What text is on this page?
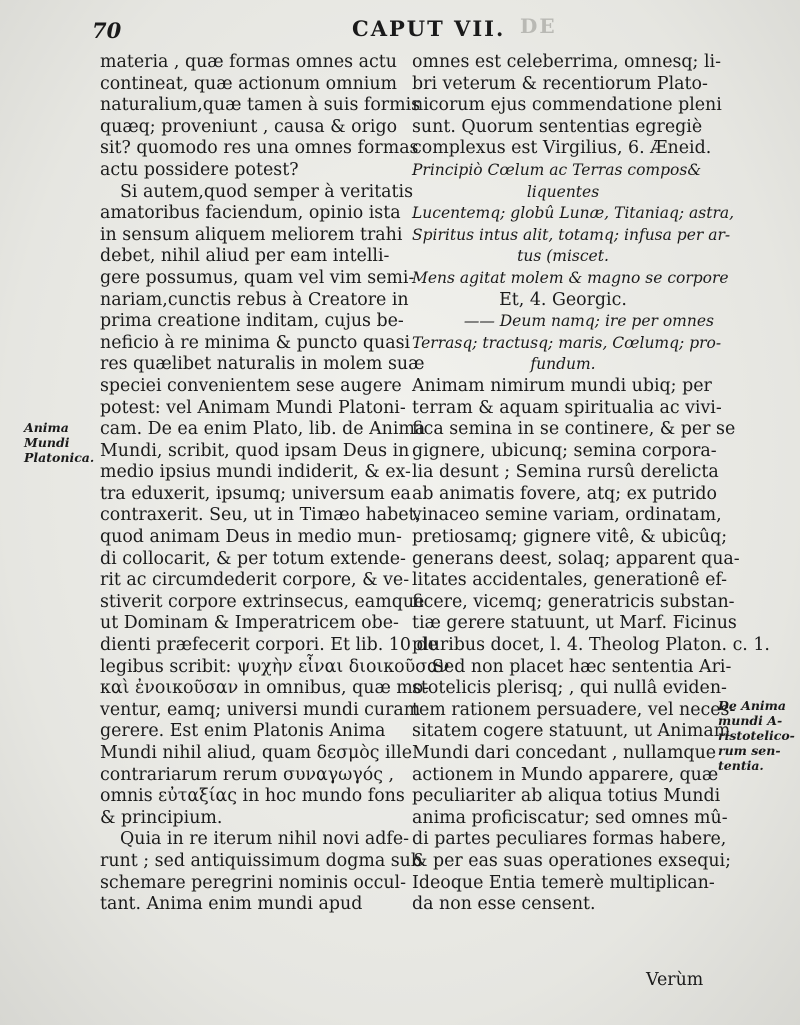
DE
70	CAPUT VII.
Anima
Mundi
Platonica.
materia , quæ formas omnes actu
contineat, quæ actionum omnium
naturalium,quæ tamen à suis formis
quæq; proveniunt , causa & origo
sit? quomodo res una omnes formas
actu possidere potest?
Si autem,quod semper à veritatis
amatoribus faciendum, opinio ista
in sensum aliquem meliorem trahi
debet, nihil aliud per eam intelli-
gere possumus, quam vel vim semi-
nariam,cunctis rebus à Creatore in
prima creatione inditam, cujus be-
neficio à re minima & puncto quasi
res quælibet naturalis in molem suæ
speciei convenientem sese augere
potest: vel Animam Mundi Platoni-
cam. De ea enim Plato, lib. de Anima
Mundi, scribit, quod ipsam Deus in
medio ipsius mundi indiderit, & ex-
tra eduxerit, ipsumq; universum ea
contraxerit. Seu, ut in Timæo habet,
quod animam Deus in medio mun-
di collocarit, & per totum extende-
rit ac circumdederit corpore, & ve-
stiverit corpore extrinsecus, eamque
ut Dominam & Imperatricem obe-
dienti præfecerit corpori. Et lib. 10 de
legibus scribit: ψυχὴν εἶναι διοικοῦσαν
καὶ ἐνοικοῦσαν in omnibus, quæ mo-
ventur, eamq; universi mundi curam
gerere. Est enim Platonis Anima
Mundi nihil aliud, quam δεσμὸς ille
contrariarum rerum συναγωγός ,
omnis εὐταξίας in hoc mundo fons
& principium.
Quia in re iterum nihil novi adfe-
runt ; sed antiquissimum dogma sub
schemare peregrini nominis occul-
tant. Anima enim mundi apud
omnes est celeberrima, omnesq; li-
bri veterum & recentiorum Plato-
nicorum ejus commendatione pleni
sunt. Quorum sententias egregiè
complexus est Virgilius, 6. Æneid.
Principiò Cœlum ac Terras compos&
liquentes
Lucentemq; globû Lunæ, Titaniaq; astra,
Spiritus intus alit, totamq; infusa per ar-
tus (miscet.
Mens agitat molem & magno se corpore
Et, 4. Georgic.
—— Deum namq; ire per omnes
Terrasq; tractusq; maris, Cœlumq; pro-
fundum.
Animam nimirum mundi ubiq; per
terram & aquam spiritualia ac vivi-
fica semina in se continere, & per se
gignere, ubicunq; semina corpora-
lia desunt ; Semina rursû derelicta
ab animatis fovere, atq; ex putrido
vinaceo semine variam, ordinatam,
pretiosamq; gignere vitê, & ubicûq;
generans deest, solaq; apparent qua-
litates accidentales, generationê ef-
ficere, vicemq; generatricis substan-
tiæ gerere statuunt, ut Marf. Ficinus
pluribus docet, l. 4. Theolog Platon. c. 1.
Sed non placet hæc sententia Ari-
stotelicis plerisq; , qui nullâ eviden-
tem rationem persuadere, vel neces-
sitatem cogere statuunt, ut Animam
Mundi dari concedant , nullamque
actionem in Mundo apparere, quæ
peculiariter ab aliqua totius Mundi
anima proficiscatur; sed omnes mû-
di partes peculiares formas habere,
& per eas suas operationes exsequi;
Ideoque Entia temerè multiplican-
da non esse censent.
De Anima
mundi A-
ristotelico-
rum sen-
tentia.
Verùm
